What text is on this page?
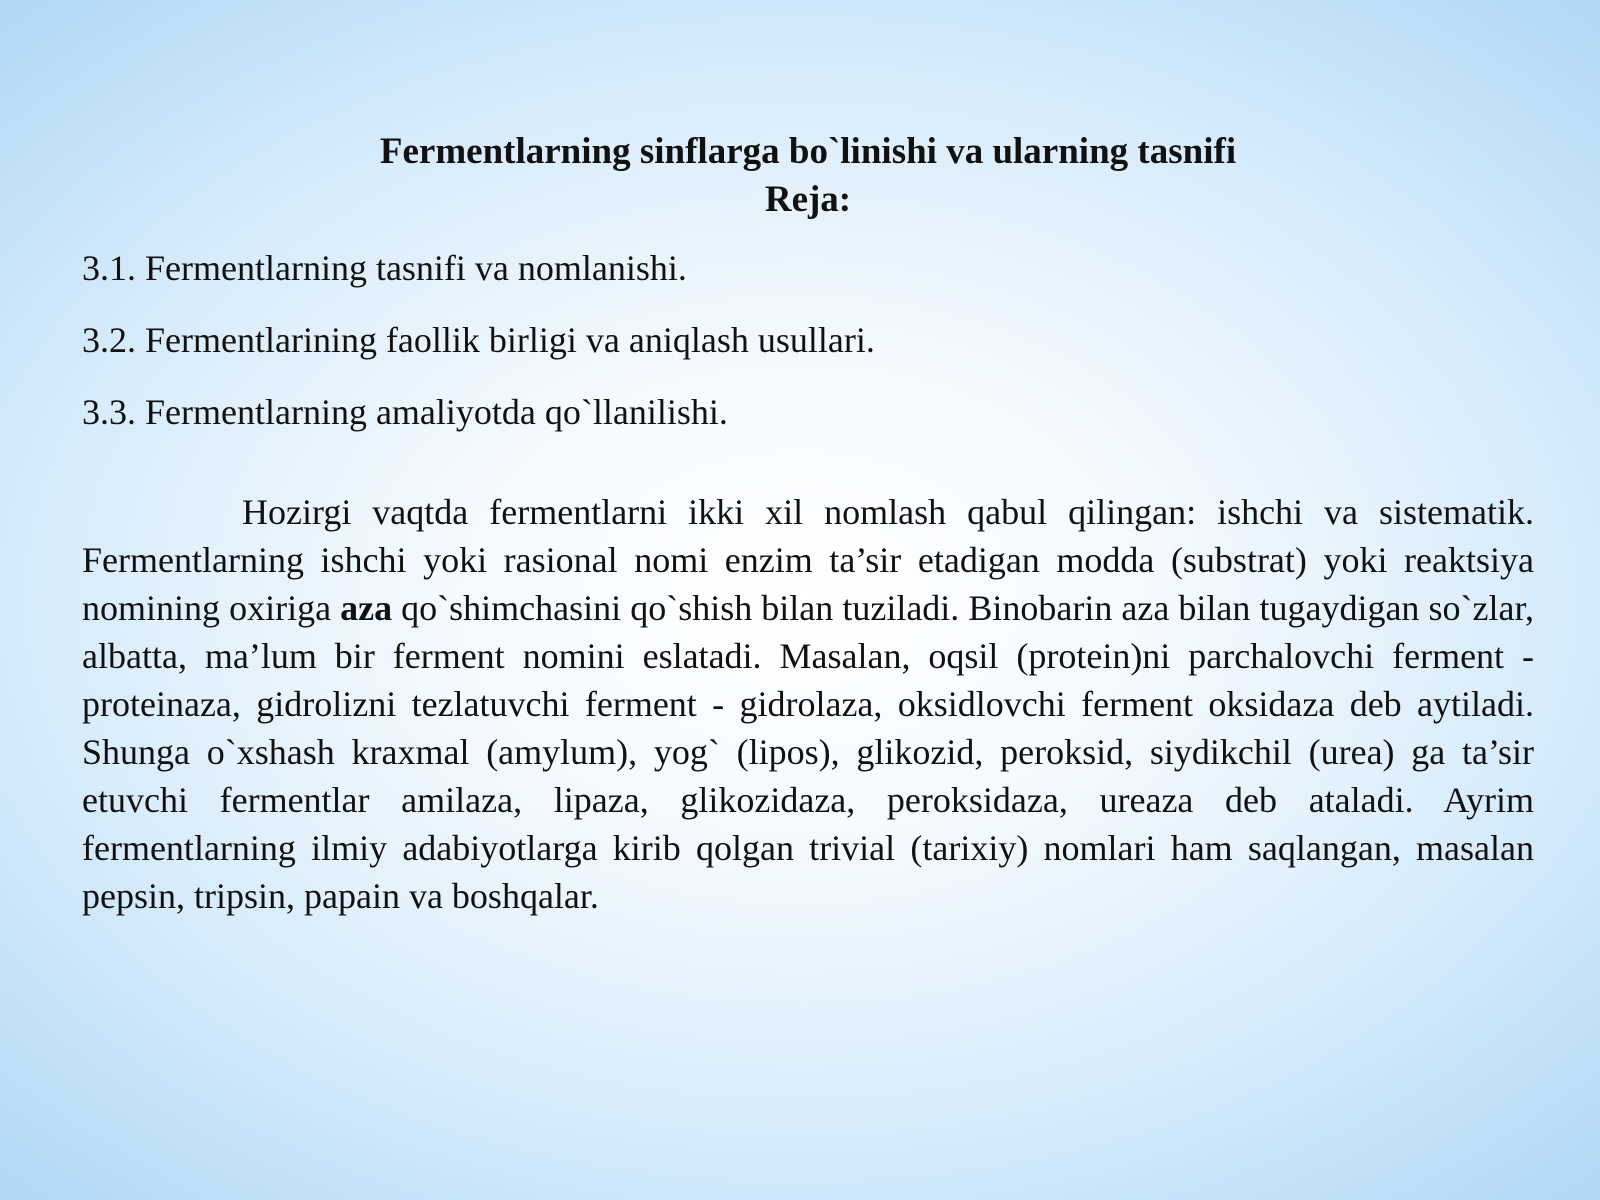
Fermentlarning sinflarga bo`linishi va ularning tasnifi
Reja:
3.1. Fermentlarning tasnifi va nomlanishi.
3.2. Fermentlarining faollik birligi va aniqlash usullari.
3.3. Fermentlarning amaliyotda qo`llanilishi.

Hozirgi vaqtda fermentlarni ikki xil nomlash qabul qilingan: ishchi va sistematik. Fermentlarning ishchi yoki rasional nomi enzim ta’sir etadigan modda (substrat) yoki reaktsiya nomining oxiriga aza qo`shimchasini qo`shish bilan tuziladi. Binobarin aza bilan tugaydigan so`zlar, albatta, ma’lum bir ferment nomini eslatadi. Masalan, oqsil (protein)ni parchalovchi ferment - proteinaza, gidrolizni tezlatuvchi ferment - gidrolaza, oksidlovchi ferment oksidaza deb aytiladi. Shunga o`xshash kraxmal (amylum), yog` (lipos), glikozid, peroksid, siydikchil (urea) ga ta’sir etuvchi fermentlar amilaza, lipaza, glikozidaza, peroksidaza, ureaza deb ataladi. Ayrim fermentlarning ilmiy adabiyotlarga kirib qolgan trivial (tarixiy) nomlari ham saqlangan, masalan pepsin, tripsin, papain va boshqalar.
